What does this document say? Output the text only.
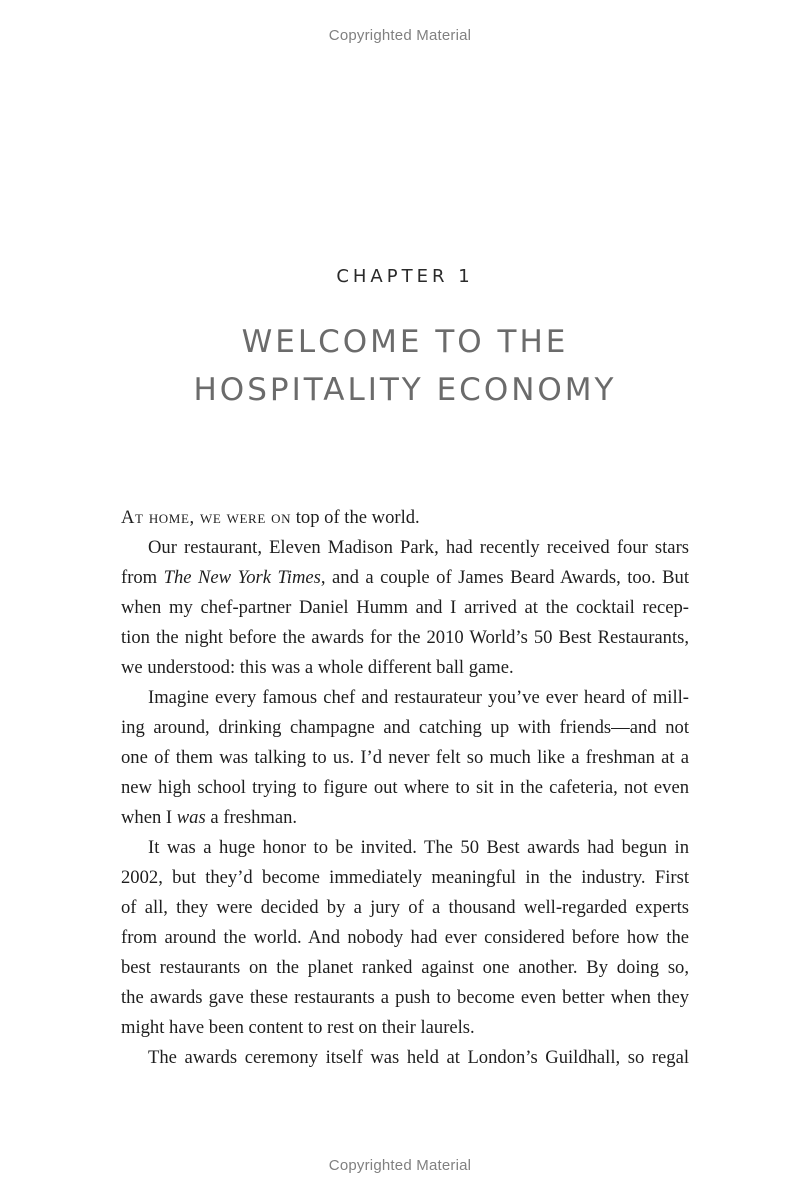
Copyrighted Material
CHAPTER 1
WELCOME TO THE
HOSPITALITY ECONOMY
At home, we were on top of the world.
Our restaurant, Eleven Madison Park, had recently received four stars
from The New York Times, and a couple of James Beard Awards, too. But
when my chef-partner Daniel Humm and I arrived at the cocktail recep-
tion the night before the awards for the 2010 World’s 50 Best Restaurants,
we understood: this was a whole different ball game.
Imagine every famous chef and restaurateur you’ve ever heard of mill-
ing around, drinking champagne and catching up with friends—and not
one of them was talking to us. I’d never felt so much like a freshman at a
new high school trying to figure out where to sit in the cafeteria, not even
when I was a freshman.
It was a huge honor to be invited. The 50 Best awards had begun in
2002, but they’d become immediately meaningful in the industry. First
of all, they were decided by a jury of a thousand well-regarded experts
from around the world. And nobody had ever considered before how the
best restaurants on the planet ranked against one another. By doing so,
the awards gave these restaurants a push to become even better when they
might have been content to rest on their laurels.
The awards ceremony itself was held at London’s Guildhall, so regal
Copyrighted Material
